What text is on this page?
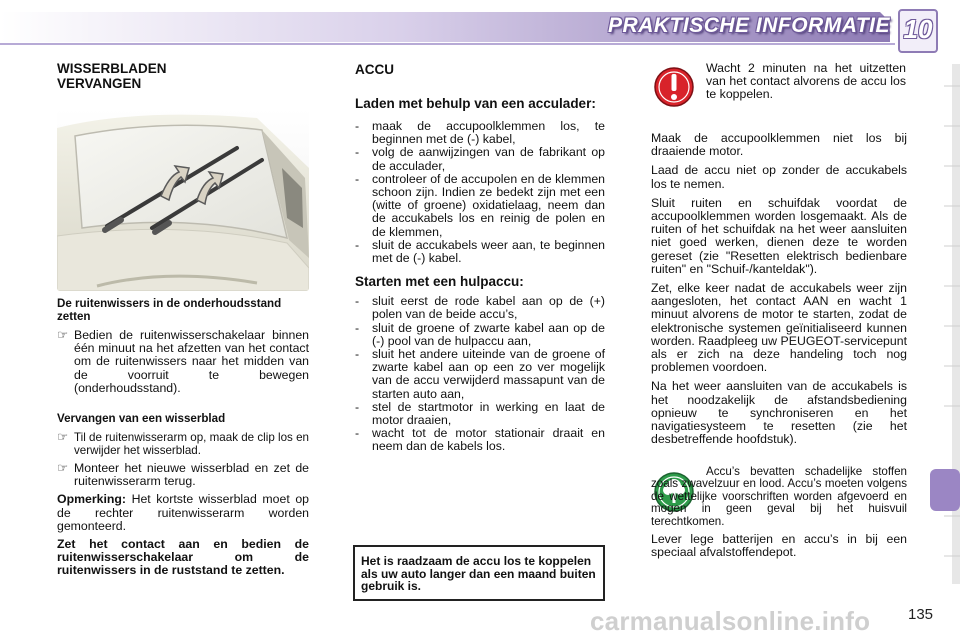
PRAKTISCHE INFORMATIE 10
WISSERBLADEN
VERVANGEN
De ruitenwissers in de onderhoudsstand zetten
☞ Bedien de ruitenwisserschakelaar binnen één minuut na het afzetten van het contact om de ruitenwissers naar het midden van de voorruit te bewegen (onderhoudsstand).
Vervangen van een wisserblad
☞ Til de ruitenwisserarm op, maak de clip los en verwijder het wisserblad.
☞ Monteer het nieuwe wisserblad en zet de ruitenwisserarm terug.

Opmerking: Het kortste wisserblad moet op de rechter ruitenwisserarm worden gemonteerd.

Zet het contact aan en bedien de ruitenwisserschakelaar om de ruitenwissers in de ruststand te zetten.

ACCU
Laden met behulp van een acculader:
-	maak de accupoolklemmen los, te beginnen met de (-) kabel,
-	volg de aanwijzingen van de fabrikant op de acculader,
-	controleer of de accupolen en de klemmen schoon zijn. Indien ze bedekt zijn met een (witte of groene) oxidatielaag, neem dan de accukabels los en reinig de polen en de klemmen,
-	sluit de accukabels weer aan, te beginnen met de (-) kabel.
Starten met een hulpaccu:
-	sluit eerst de rode kabel aan op de (+) polen van de beide accu’s,
-	sluit de groene of zwarte kabel aan op de (-) pool van de hulpaccu aan,
-	sluit het andere uiteinde van de groene of zwarte kabel aan op een zo ver mogelijk van de accu verwijderd massapunt van de starten auto aan,
-	stel de startmotor in werking en laat de motor draaien,
-	wacht tot de motor stationair draait en neem dan de kabels los.
Het is raadzaam de accu los te koppelen als uw auto langer dan een maand buiten gebruik is.
Wacht 2 minuten na het uitzetten van het contact alvorens de accu los te koppelen.

Maak de accupoolklemmen niet los bij draaiende motor.

Laad de accu niet op zonder de accukabels los te nemen.

Sluit ruiten en schuifdak voordat de accupoolklemmen worden losgemaakt. Als de ruiten of het schuifdak na het weer aansluiten niet goed werken, dienen deze te worden gereset (zie "Resetten elektrisch bedienbare ruiten" en "Schuif-/kanteldak").

Zet, elke keer nadat de accukabels weer zijn aangesloten, het contact AAN en wacht 1 minuut alvorens de motor te starten, zodat de elektronische systemen geïnitialiseerd kunnen worden. Raadpleeg uw PEUGEOT-servicepunt als er zich na deze handeling toch nog problemen voordoen.

Na het weer aansluiten van de accukabels is het noodzakelijk de afstandsbediening opnieuw te synchroniseren en het navigatiesysteem te resetten (zie het desbetreffende hoofdstuk).

Accu’s bevatten schadelijke stoffen zoals zwavelzuur en lood. Accu’s moeten volgens de wettelijke voorschriften worden afgevoerd en mogen in geen geval bij het huisvuil terechtkomen.

Lever lege batterijen en accu’s in bij een speciaal afvalstoffendepot.

carmanualsonline.info	135
